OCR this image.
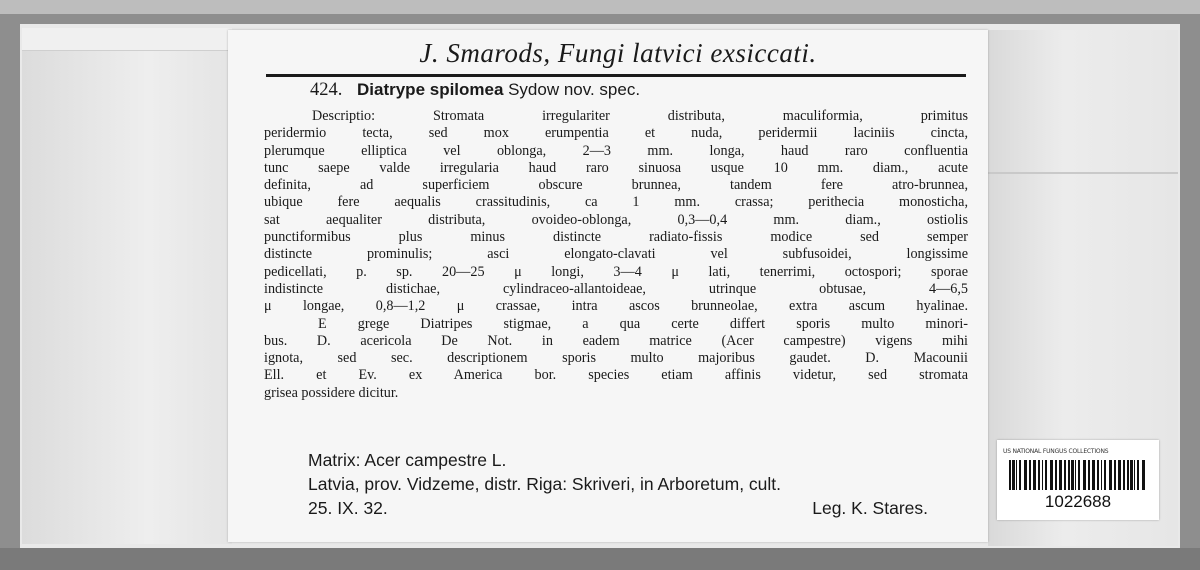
J. Smarods, Fungi latvici exsiccati.
424. Diatrype spilomea Sydow nov. spec.
Descriptio: Stromata irregulariter distributa, maculiformia, primitus
peridermio tecta, sed mox erumpentia et nuda, peridermii laciniis cincta,
plerumque elliptica vel oblonga, 2—3 mm. longa, haud raro confluentia
tunc saepe valde irregularia haud raro sinuosa usque 10 mm. diam., acute
definita, ad superficiem obscure brunnea, tandem fere atro-brunnea,
ubique fere aequalis crassitudinis, ca 1 mm. crassa; perithecia monosticha,
sat aequaliter distributa, ovoideo-oblonga, 0,3—0,4 mm. diam., ostiolis
punctiformibus plus minus distincte radiato-fissis modice sed semper
distincte prominulis; asci elongato-clavati vel subfusoidei, longissime
pedicellati, p. sp. 20—25 μ longi, 3—4 μ lati, tenerrimi, octospori; sporae
indistincte distichae, cylindraceo-allantoideae, utrinque obtusae, 4—6,5
μ longae, 0,8—1,2 μ crassae, intra ascos brunneolae, extra ascum hyalinae.
E grege Diatripes stigmae, a qua certe differt sporis multo minori-
bus. D. acericola De Not. in eadem matrice (Acer campestre) vigens mihi
ignota, sed sec. descriptionem sporis multo majoribus gaudet. D. Macounii
Ell. et Ev. ex America bor. species etiam affinis videtur, sed stromata
grisea possidere dicitur.
Matrix: Acer campestre L.
Latvia, prov. Vidzeme, distr. Riga: Skriveri, in Arboretum, cult.
25. IX. 32.	Leg. K. Stares.
US NATIONAL FUNGUS COLLECTIONS
1022688
